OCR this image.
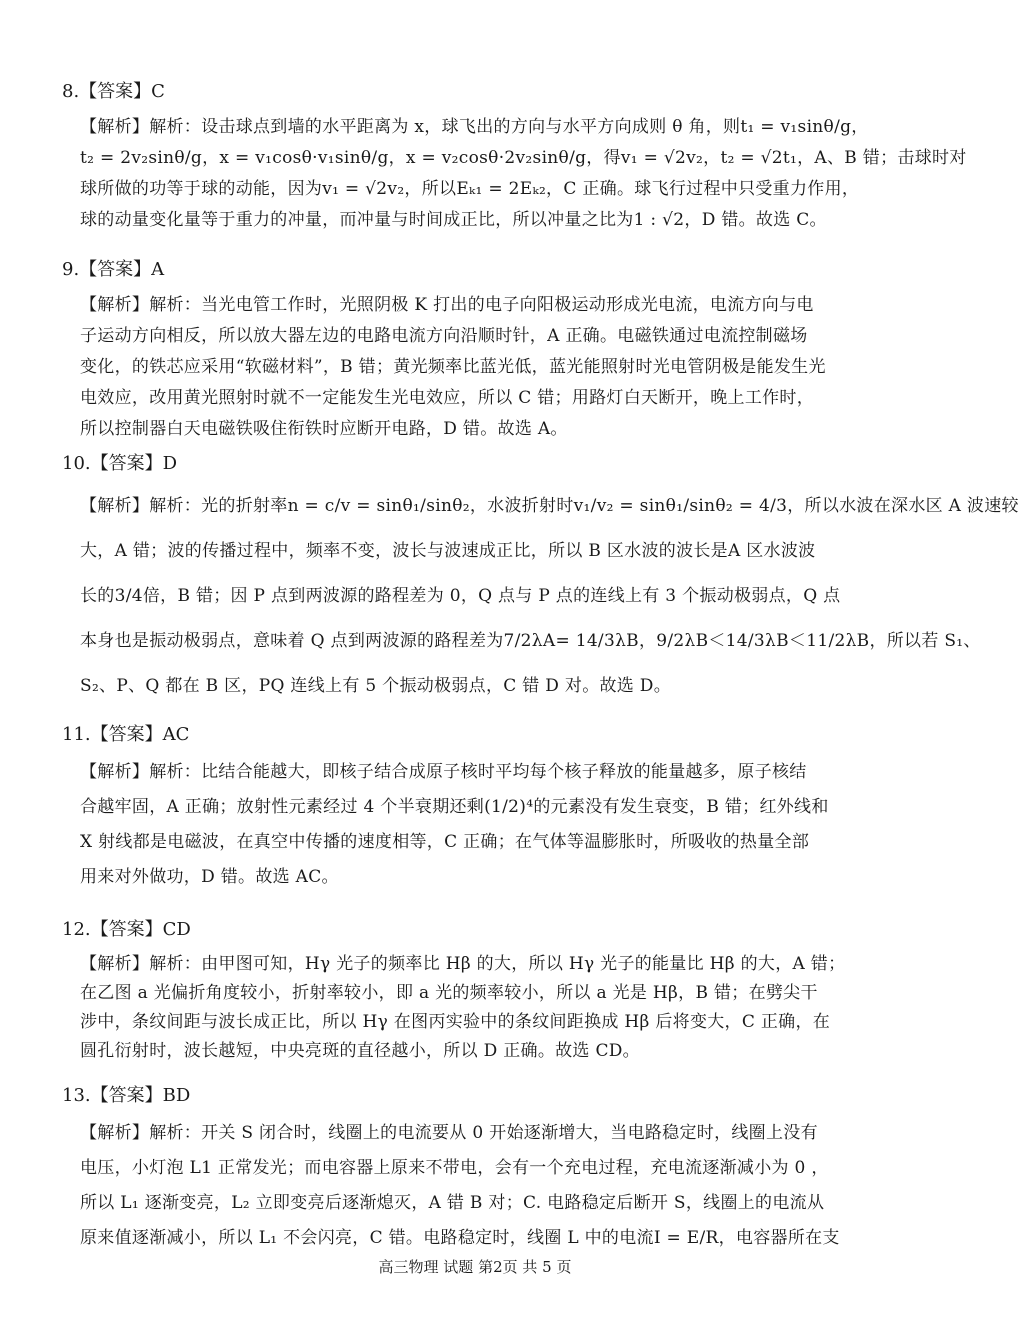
8.【答案】C
【解析】解析：设击球点到墙的水平距离为 x，球飞出的方向与水平方向成则 θ 角，则t₁ = v₁sinθ/g，
t₂ = 2v₂sinθ/g，x = v₁cosθ·v₁sinθ/g，x = v₂cosθ·2v₂sinθ/g，得v₁ = √2v₂，t₂ = √2t₁，A、B 错；击球时对
球所做的功等于球的动能，因为v₁ = √2v₂，所以Eₖ₁ = 2Eₖ₂，C 正确。球飞行过程中只受重力作用，
球的动量变化量等于重力的冲量，而冲量与时间成正比，所以冲量之比为1 : √2，D 错。故选 C。
9.【答案】A
【解析】解析：当光电管工作时，光照阴极 K 打出的电子向阳极运动形成光电流，电流方向与电
子运动方向相反，所以放大器左边的电路电流方向沿顺时针，A 正确。电磁铁通过电流控制磁场
变化，的铁芯应采用“软磁材料”，B 错；黄光频率比蓝光低，蓝光能照射时光电管阴极是能发生光
电效应，改用黄光照射时就不一定能发生光电效应，所以 C 错；用路灯白天断开，晚上工作时，
所以控制器白天电磁铁吸住衔铁时应断开电路，D 错。故选 A。
10.【答案】D
【解析】解析：光的折射率n = c/v = sinθ₁/sinθ₂，水波折射时v₁/v₂ = sinθ₁/sinθ₂ = 4/3，所以水波在深水区 A 波速较
大，A 错；波的传播过程中，频率不变，波长与波速成正比，所以 B 区水波的波长是A 区水波波
长的3/4倍，B 错；因 P 点到两波源的路程差为 0，Q 点与 P 点的连线上有 3 个振动极弱点，Q 点
本身也是振动极弱点，意味着 Q 点到两波源的路程差为7/2λA= 14/3λB，9/2λB＜14/3λB＜11/2λB，所以若 S₁、
S₂、P、Q 都在 B 区，PQ 连线上有 5 个振动极弱点，C 错 D 对。故选 D。
11.【答案】AC
【解析】解析：比结合能越大，即核子结合成原子核时平均每个核子释放的能量越多，原子核结
合越牢固，A 正确；放射性元素经过 4 个半衰期还剩(1/2)⁴的元素没有发生衰变，B 错；红外线和
X 射线都是电磁波，在真空中传播的速度相等，C 正确；在气体等温膨胀时，所吸收的热量全部
用来对外做功，D 错。故选 AC。
12.【答案】CD
【解析】解析：由甲图可知，Hγ 光子的频率比 Hβ 的大，所以 Hγ 光子的能量比 Hβ 的大，A 错；
在乙图 a 光偏折角度较小，折射率较小，即 a 光的频率较小，所以 a 光是 Hβ，B 错；在劈尖干
涉中，条纹间距与波长成正比，所以 Hγ 在图丙实验中的条纹间距换成 Hβ 后将变大，C 正确，在
圆孔衍射时，波长越短，中央亮斑的直径越小，所以 D 正确。故选 CD。
13.【答案】BD
【解析】解析：开关 S 闭合时，线圈上的电流要从 0 开始逐渐增大，当电路稳定时，线圈上没有
电压，小灯泡 L1 正常发光；而电容器上原来不带电，会有一个充电过程，充电流逐渐减小为 0 ，
所以 L₁ 逐渐变亮，L₂ 立即变亮后逐渐熄灭，A 错 B 对；C. 电路稳定后断开 S，线圈上的电流从
原来值逐渐减小，所以 L₁ 不会闪亮，C 错。电路稳定时，线圈 L 中的电流I = E/R，电容器所在支
高三物理 试题 第2页 共 5 页
